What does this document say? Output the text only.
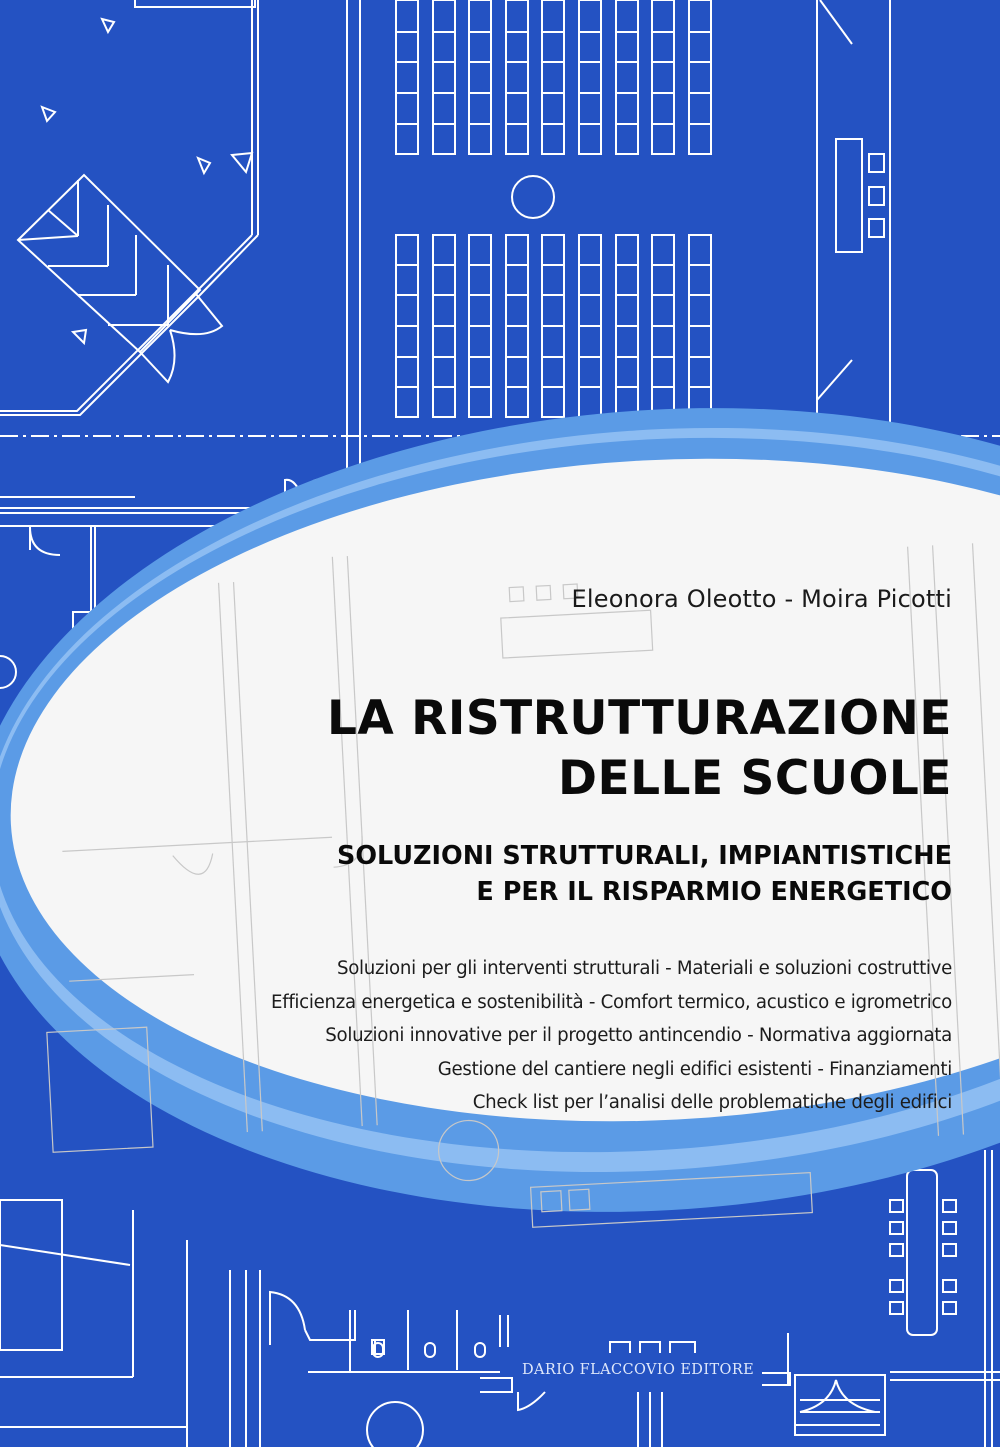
Eleonora Oleotto - Moira Picotti
LA RISTRUTTURAZIONE
DELLE SCUOLE
SOLUZIONI STRUTTURALI, IMPIANTISTICHE
E PER IL RISPARMIO ENERGETICO
Soluzioni per gli interventi strutturali - Materiali e soluzioni costruttive
Efficienza energetica e sostenibilità - Comfort termico, acustico e igrometrico
Soluzioni innovative per il progetto antincendio - Normativa aggiornata
Gestione del cantiere negli edifici esistenti - Finanziamenti
Check list per l’analisi delle problematiche degli edifici
DARIO FLACCOVIO EDITORE
